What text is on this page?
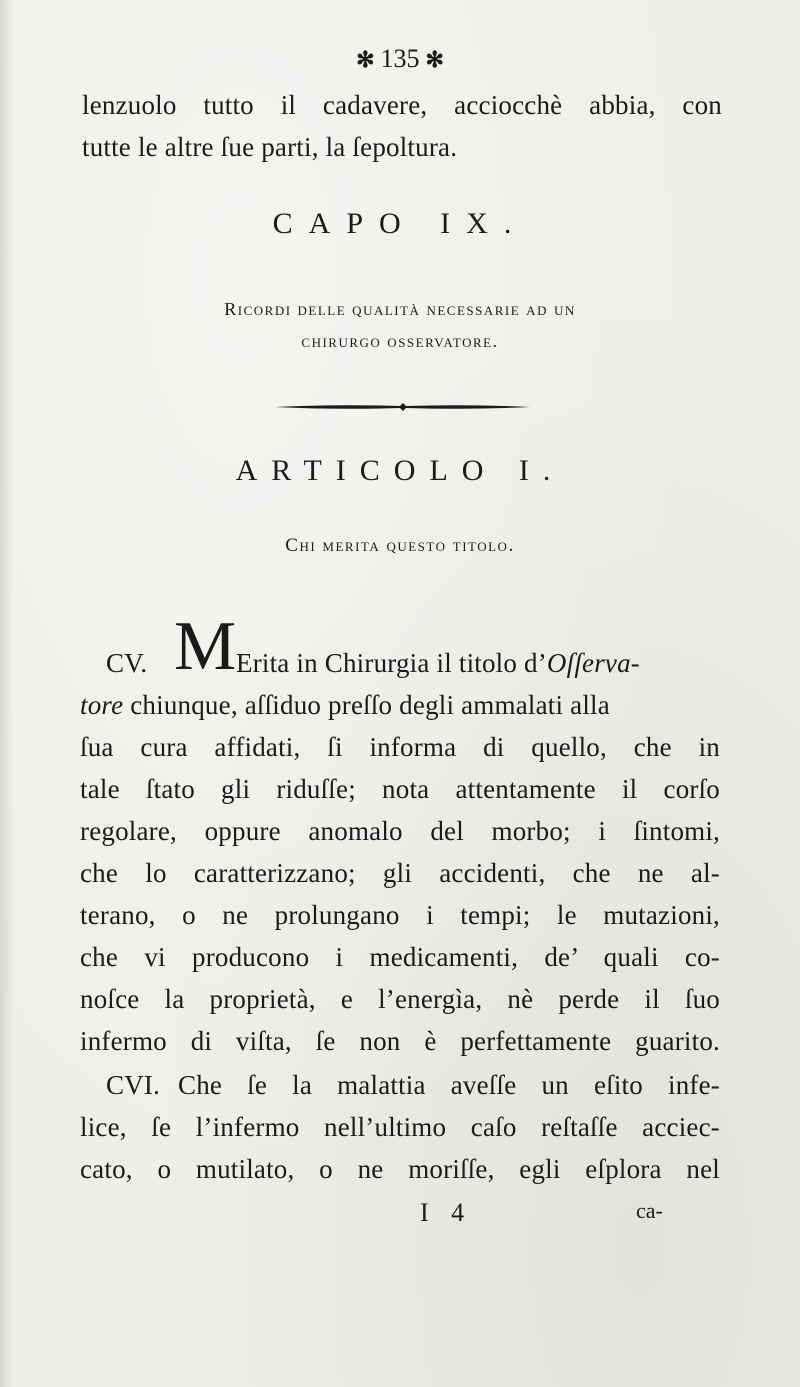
✻ 135 ✻
lenzuolo tutto il cadavere, acciocchè abbia, con
tutte le altre ſue parti, la ſepoltura.
CAPO IX.
Ricordi delle qualità necessarie ad un
chirurgo osservatore.
ARTICOLO I.
Chi merita questo titolo.
CV. M Erita in Chirurgia il titolo d’Oſſerva-
tore chiunque, aſſiduo preſſo degli ammalati alla
ſua cura affidati, ſi informa di quello, che in
tale ſtato gli riduſſe; nota attentamente il corſo
regolare, oppure anomalo del morbo; i ſintomi,
che lo caratterizzano; gli accidenti, che ne al-
terano, o ne prolungano i tempi; le mutazioni,
che vi producono i medicamenti, de’ quali co-
noſce la proprietà, e l’energìa, nè perde il ſuo
infermo di viſta, ſe non è perfettamente guarito.
CVI. Che ſe la malattia aveſſe un eſito infe-
lice, ſe l’infermo nell’ultimo caſo reſtaſſe acciec-
cato, o mutilato, o ne moriſſe, egli eſplora nel
I 4	ca-
